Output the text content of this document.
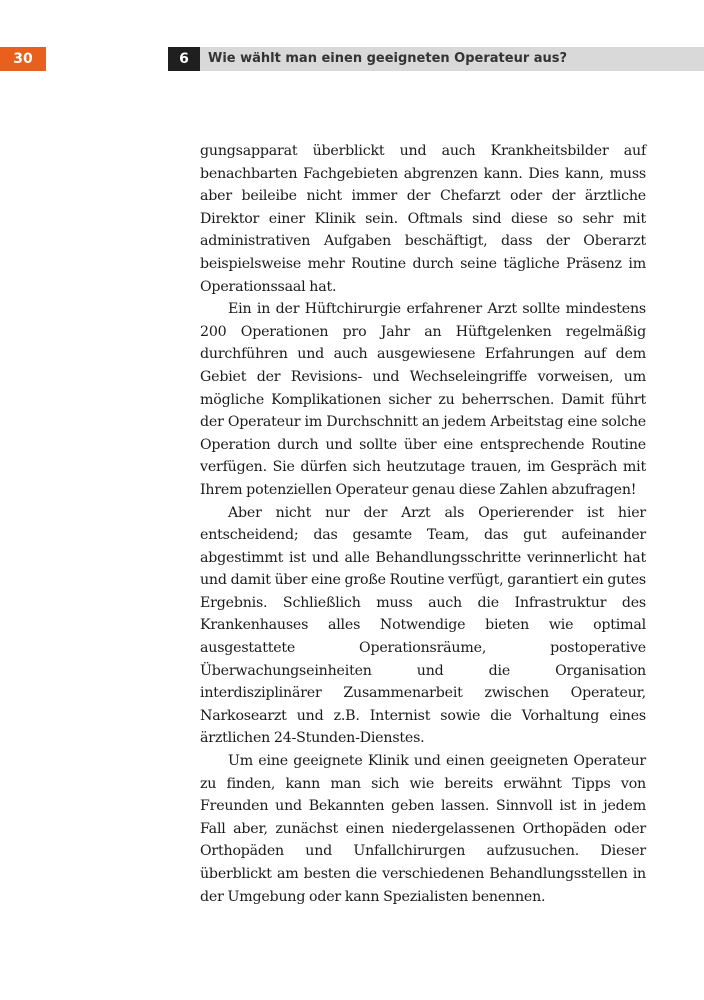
30	6	Wie wählt man einen geeigneten Operateur aus?

gungsapparat überblickt und auch Krankheitsbilder auf benachbarten Fachgebieten abgrenzen kann. Dies kann, muss aber beileibe nicht immer der Chefarzt oder der ärztliche Direktor einer Klinik sein. Oftmals sind diese so sehr mit administrativen Aufgaben beschäftigt, dass der Oberarzt beispielsweise mehr Routine durch seine tägliche Präsenz im Operationssaal hat.

Ein in der Hüftchirurgie erfahrener Arzt sollte mindestens 200 Operationen pro Jahr an Hüftgelenken regelmäßig durchführen und auch ausgewiesene Erfahrungen auf dem Gebiet der Revisions- und Wechseleingriffe vorweisen, um mögliche Komplikationen sicher zu beherrschen. Damit führt der Operateur im Durchschnitt an jedem Arbeitstag eine solche Operation durch und sollte über eine entsprechende Routine verfügen. Sie dürfen sich heutzutage trauen, im Gespräch mit Ihrem potenziellen Operateur genau diese Zahlen abzufragen!

Aber nicht nur der Arzt als Operierender ist hier entscheidend; das gesamte Team, das gut aufeinander abgestimmt ist und alle Behandlungsschritte verinnerlicht hat und damit über eine große Routine verfügt, garantiert ein gutes Ergebnis. Schließlich muss auch die Infrastruktur des Krankenhauses alles Notwendige bieten wie optimal ausgestattete Operationsräume, postoperative Überwachungseinheiten und die Organisation interdisziplinärer Zusammenarbeit zwischen Operateur, Narkosearzt und z.B. Internist sowie die Vorhaltung eines ärztlichen 24-Stunden-Dienstes.

Um eine geeignete Klinik und einen geeigneten Operateur zu finden, kann man sich wie bereits erwähnt Tipps von Freunden und Bekannten geben lassen. Sinnvoll ist in jedem Fall aber, zunächst einen niedergelassenen Orthopäden oder Orthopäden und Unfallchirurgen aufzusuchen. Dieser überblickt am besten die verschiedenen Behandlungsstellen in der Umgebung oder kann Spezialisten benennen.
